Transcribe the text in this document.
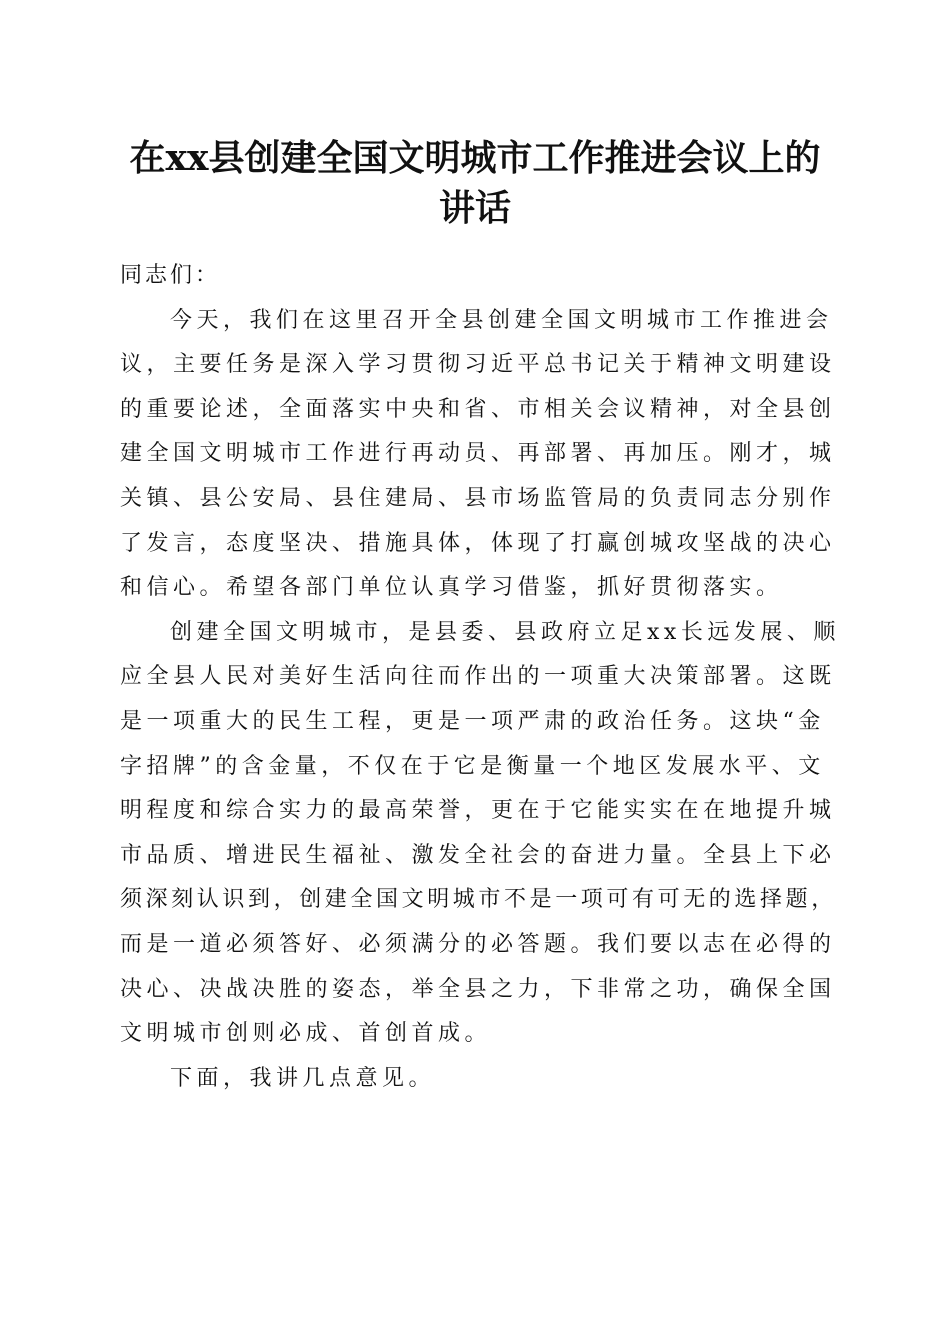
在xx县创建全国文明城市工作推进会议上的
讲话
同志们：
今天，我们在这里召开全县创建全国文明城市工作推进会
议，主要任务是深入学习贯彻习近平总书记关于精神文明建设
的重要论述，全面落实中央和省、市相关会议精神，对全县创
建全国文明城市工作进行再动员、再部署、再加压。刚才，城
关镇、县公安局、县住建局、县市场监管局的负责同志分别作
了发言，态度坚决、措施具体，体现了打赢创城攻坚战的决心
和信心。希望各部门单位认真学习借鉴，抓好贯彻落实。
创建全国文明城市，是县委、县政府立足xx长远发展、顺
应全县人民对美好生活向往而作出的一项重大决策部署。这既
是一项重大的民生工程，更是一项严肃的政治任务。这块“金
字招牌”的含金量，不仅在于它是衡量一个地区发展水平、文
明程度和综合实力的最高荣誉，更在于它能实实在在地提升城
市品质、增进民生福祉、激发全社会的奋进力量。全县上下必
须深刻认识到，创建全国文明城市不是一项可有可无的选择题，
而是一道必须答好、必须满分的必答题。我们要以志在必得的
决心、决战决胜的姿态，举全县之力，下非常之功，确保全国
文明城市创则必成、首创首成。
下面，我讲几点意见。
